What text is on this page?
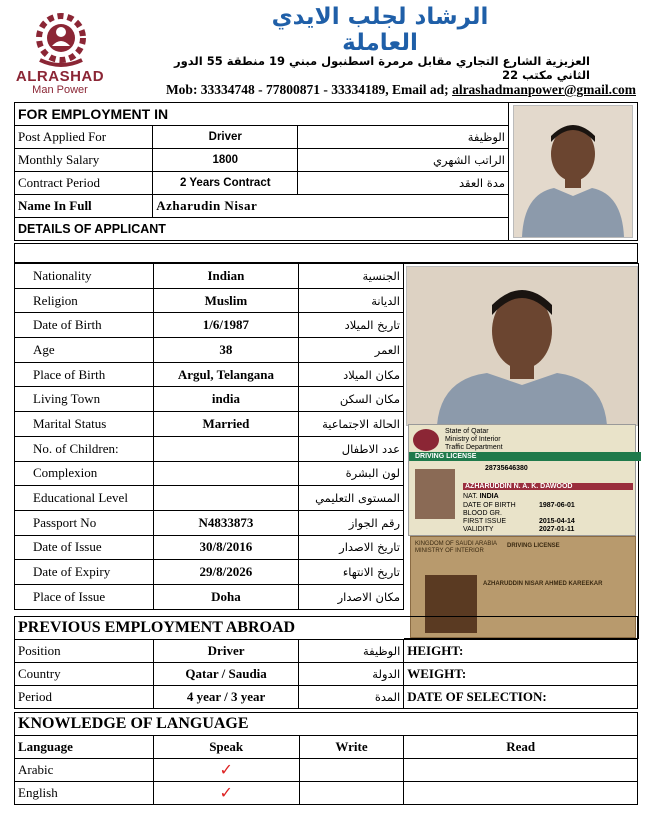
ALRASHAD
Man Power
الرشاد لجلب الايدي العاملة
العزيزية الشارع التجاري مقابل مرمرة اسطنبول مبني 19 منطقة 55 الدور الثاني مكتب 22
Mob: 33334748 - 77800871 - 33334189, Email ad; alrashadmanpower@gmail.com
FOR EMPLOYMENT IN	

Post Applied For	Driver	الوظيفة	
Monthly Salary	1800	الراتب الشهري	
Contract Period	2 Years Contract	مدة العقد	
Name In Full	Azharudin Nisar		
DETAILS OF APPLICANT			
Nationality	Indian	الجنسية
Religion	Muslim	الديانة
Date of Birth	1/6/1987	تاريخ الميلاد
Age	38	العمر
Place of Birth	Argul, Telangana	مكان الميلاد
Living Town	india	مكان السكن
Marital Status	Married	الحالة الاجتماعية
No. of Children:		عدد الاطفال
Complexion		لون البشرة
Educational Level		المستوى التعليمي
Passport No	N4833873	رقم الجواز
Date of Issue	30/8/2016	تاريخ الاصدار
Date of Expiry	29/8/2026	تاريخ الانتهاء
Place of Issue	Doha	مكان الاصدار
State of Qatar
Ministry of Interior
Traffic Department
DRIVING LICENSE
28735646380
AZHARUDDIN N. A. K. DAWOOD
NAT. INDIA
DATE OF BIRTH	1987-06-01
BLOOD GR.
FIRST ISSUE	2015-04-14
VALIDITY	2027-01-11
KINGDOM OF SAUDI ARABIA
MINISTRY OF INTERIOR
DRIVING LICENSE
AZHARUDDIN NISAR AHMED KAREEKAR
PREVIOUS EMPLOYMENT ABROAD			
Position	Driver	الوظيفة	HEIGHT:
Country	Qatar / Saudia	الدولة	WEIGHT:
Period	4 year / 3 year	المدة	DATE OF SELECTION:
KNOWLEDGE OF LANGUAGE			
Language	Speak	Write	Read
Arabic	✓		
English	✓		
